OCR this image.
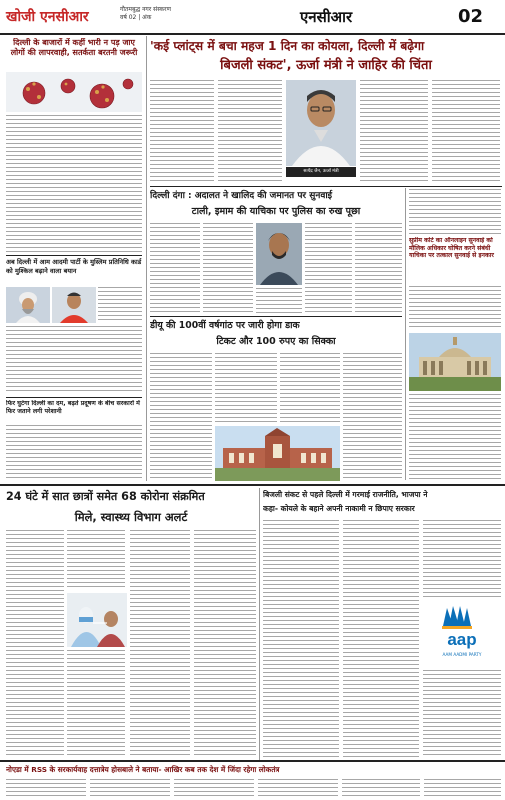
खोजी एनसीआर	गौतमबुद्ध नगर संस्करण
वर्ष 02 | अंक	एनसीआर	02
दिल्ली के बाजारों में कहीं भारी न पड़ जाए लोगों की लापरवाही, सतर्कता बरतनी जरूरी
अब दिल्ली में आम आदमी पार्टी के मुस्लिम प्रतिनिधि कार्ड को मुश्किल बढ़ाने वाला बयान
फिर घुटेगा दिल्ली का दम, बढ़ते प्रदूषण के बीच सरकारों में फिर जताने लगी परेशानी
'कई प्लांट्स में बचा महज 1 दिन का कोयला, दिल्ली में बढ़ेगा
बिजली संकट', ऊर्जा मंत्री ने जाहिर की चिंता
सत्येंद्र जैन, ऊर्जा मंत्री
दिल्ली दंगा : अदालत ने खालिद की जमानत पर सुनवाई
टाली, इमाम की याचिका पर पुलिस का रुख पूछा
सुप्रीम कोर्ट का ऑनलाइन सुनवाई को मौलिक अधिकार घोषित करने संबंधी याचिका पर तत्काल सुनवाई से इनकार
डीयू की 100वीं वर्षगांठ पर जारी होगा डाक
टिकट और 100 रुपए का सिक्का
24 घंटे में सात छात्रों समेत 68 कोरोना संक्रमित
मिले, स्वास्थ्य विभाग अलर्ट
बिजली संकट से पहले दिल्ली में गरमाई राजनीति, भाजपा ने
कहा- कोयले के बहाने अपनी नाकामी न छिपाए सरकार
aap
AAM AADMI PARTY
नोएडा में RSS के सरकार्यवाह दत्तात्रेय होसबाले ने बताया- आखिर कब तक देश में जिंदा रहेगा लोकतंत्र
